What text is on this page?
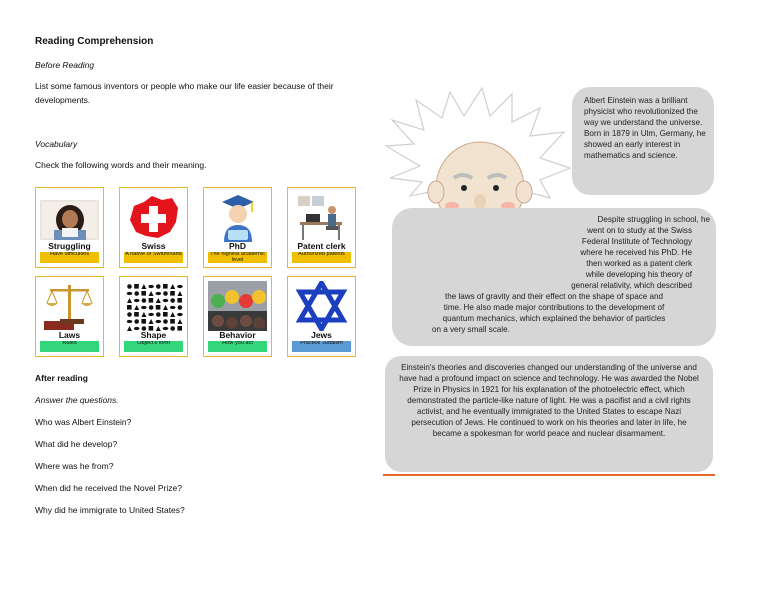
Reading Comprehension
Before Reading
List some famous inventors or people who make our life easier because of their developments.
Vocabulary
Check the following words and their meaning.
Struggling
Have difficulties
Swiss
A native of Switzerland
PhD
The highest academic level
Patent clerk
Authorized patents
Laws
Rules
Shape
Object's form
Behavior
How you act
Jews
Practice Judaism
After reading
Answer the questions.
Who was Albert Einstein?
What did he develop?
Where was he from?
When did he received the Novel Prize?
Why did he immigrate to United States?

Albert Einstein was a brilliant physicist who revolutionized the way we understand the universe. Born in 1879 in Ulm, Germany, he showed an early interest in mathematics and science.

Despite struggling in school, he
went on to study at the Swiss
Federal Institute of Technology
where he received his PhD. He
then worked as a patent clerk
while developing his theory of
general relativity, which described
the laws of gravity and their effect on the shape of space and
time. He also made major contributions to the development of
quantum mechanics, which explained the behavior of particles
on a very small scale.

Einstein's theories and discoveries changed our understanding of the universe and have had a profound impact on science and technology. He was awarded the Nobel Prize in Physics in 1921 for his explanation of the photoelectric effect, which demonstrated the particle-like nature of light. He was a pacifist and a civil rights activist, and he eventually immigrated to the United States to escape Nazi persecution of Jews. He continued to work on his theories and later in life, he became a spokesman for world peace and nuclear disarmament.
